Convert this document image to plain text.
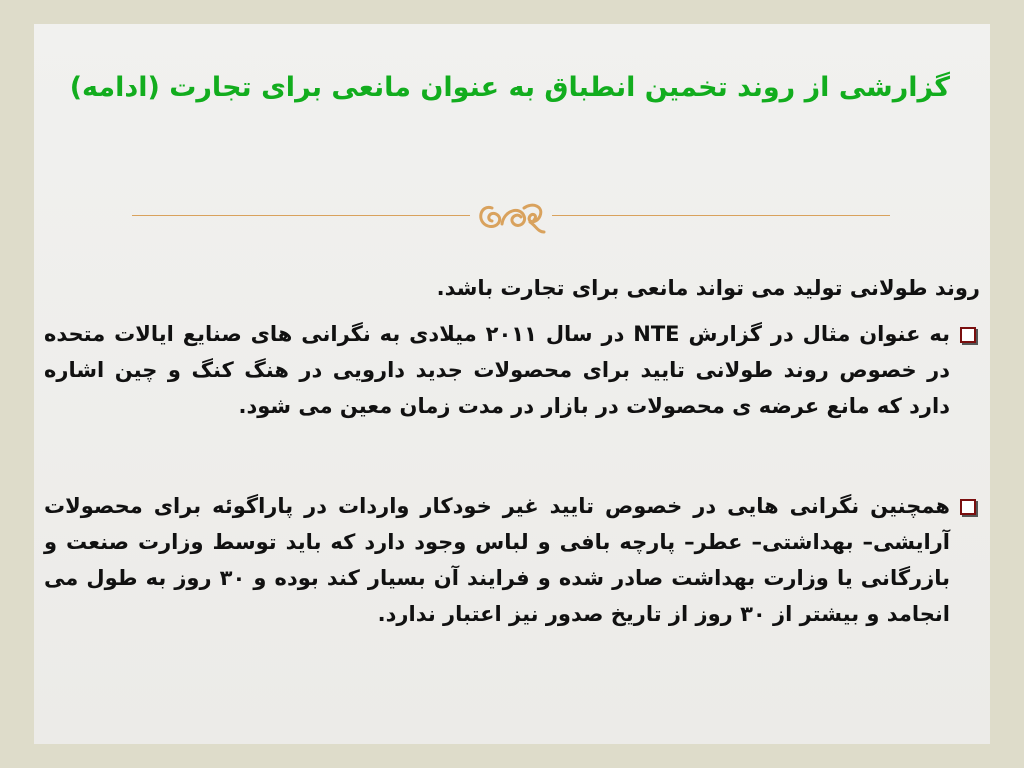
گزارشی از روند تخمین انطباق به عنوان مانعی برای تجارت (ادامه)

روند طولانی تولید می تواند مانعی برای تجارت باشد.

به عنوان مثال در گزارش NTE در سال ۲۰۱۱ میلادی به نگرانی های صنایع ایالات متحده در خصوص روند طولانی تایید برای محصولات جدید دارویی در هنگ کنگ و چین اشاره دارد که مانع عرضه ی محصولات در بازار در مدت زمان معین می شود.

همچنین نگرانی هایی در خصوص تایید غیر خودکار واردات در پاراگوئه برای محصولات آرایشی– بهداشتی– عطر– پارچه بافی و لباس وجود دارد که باید توسط وزارت صنعت و بازرگانی یا وزارت بهداشت صادر شده و فرایند آن بسیار کند بوده و ۳۰ روز به طول می انجامد و بیشتر از ۳۰ روز از تاریخ صدور نیز اعتبار ندارد.
